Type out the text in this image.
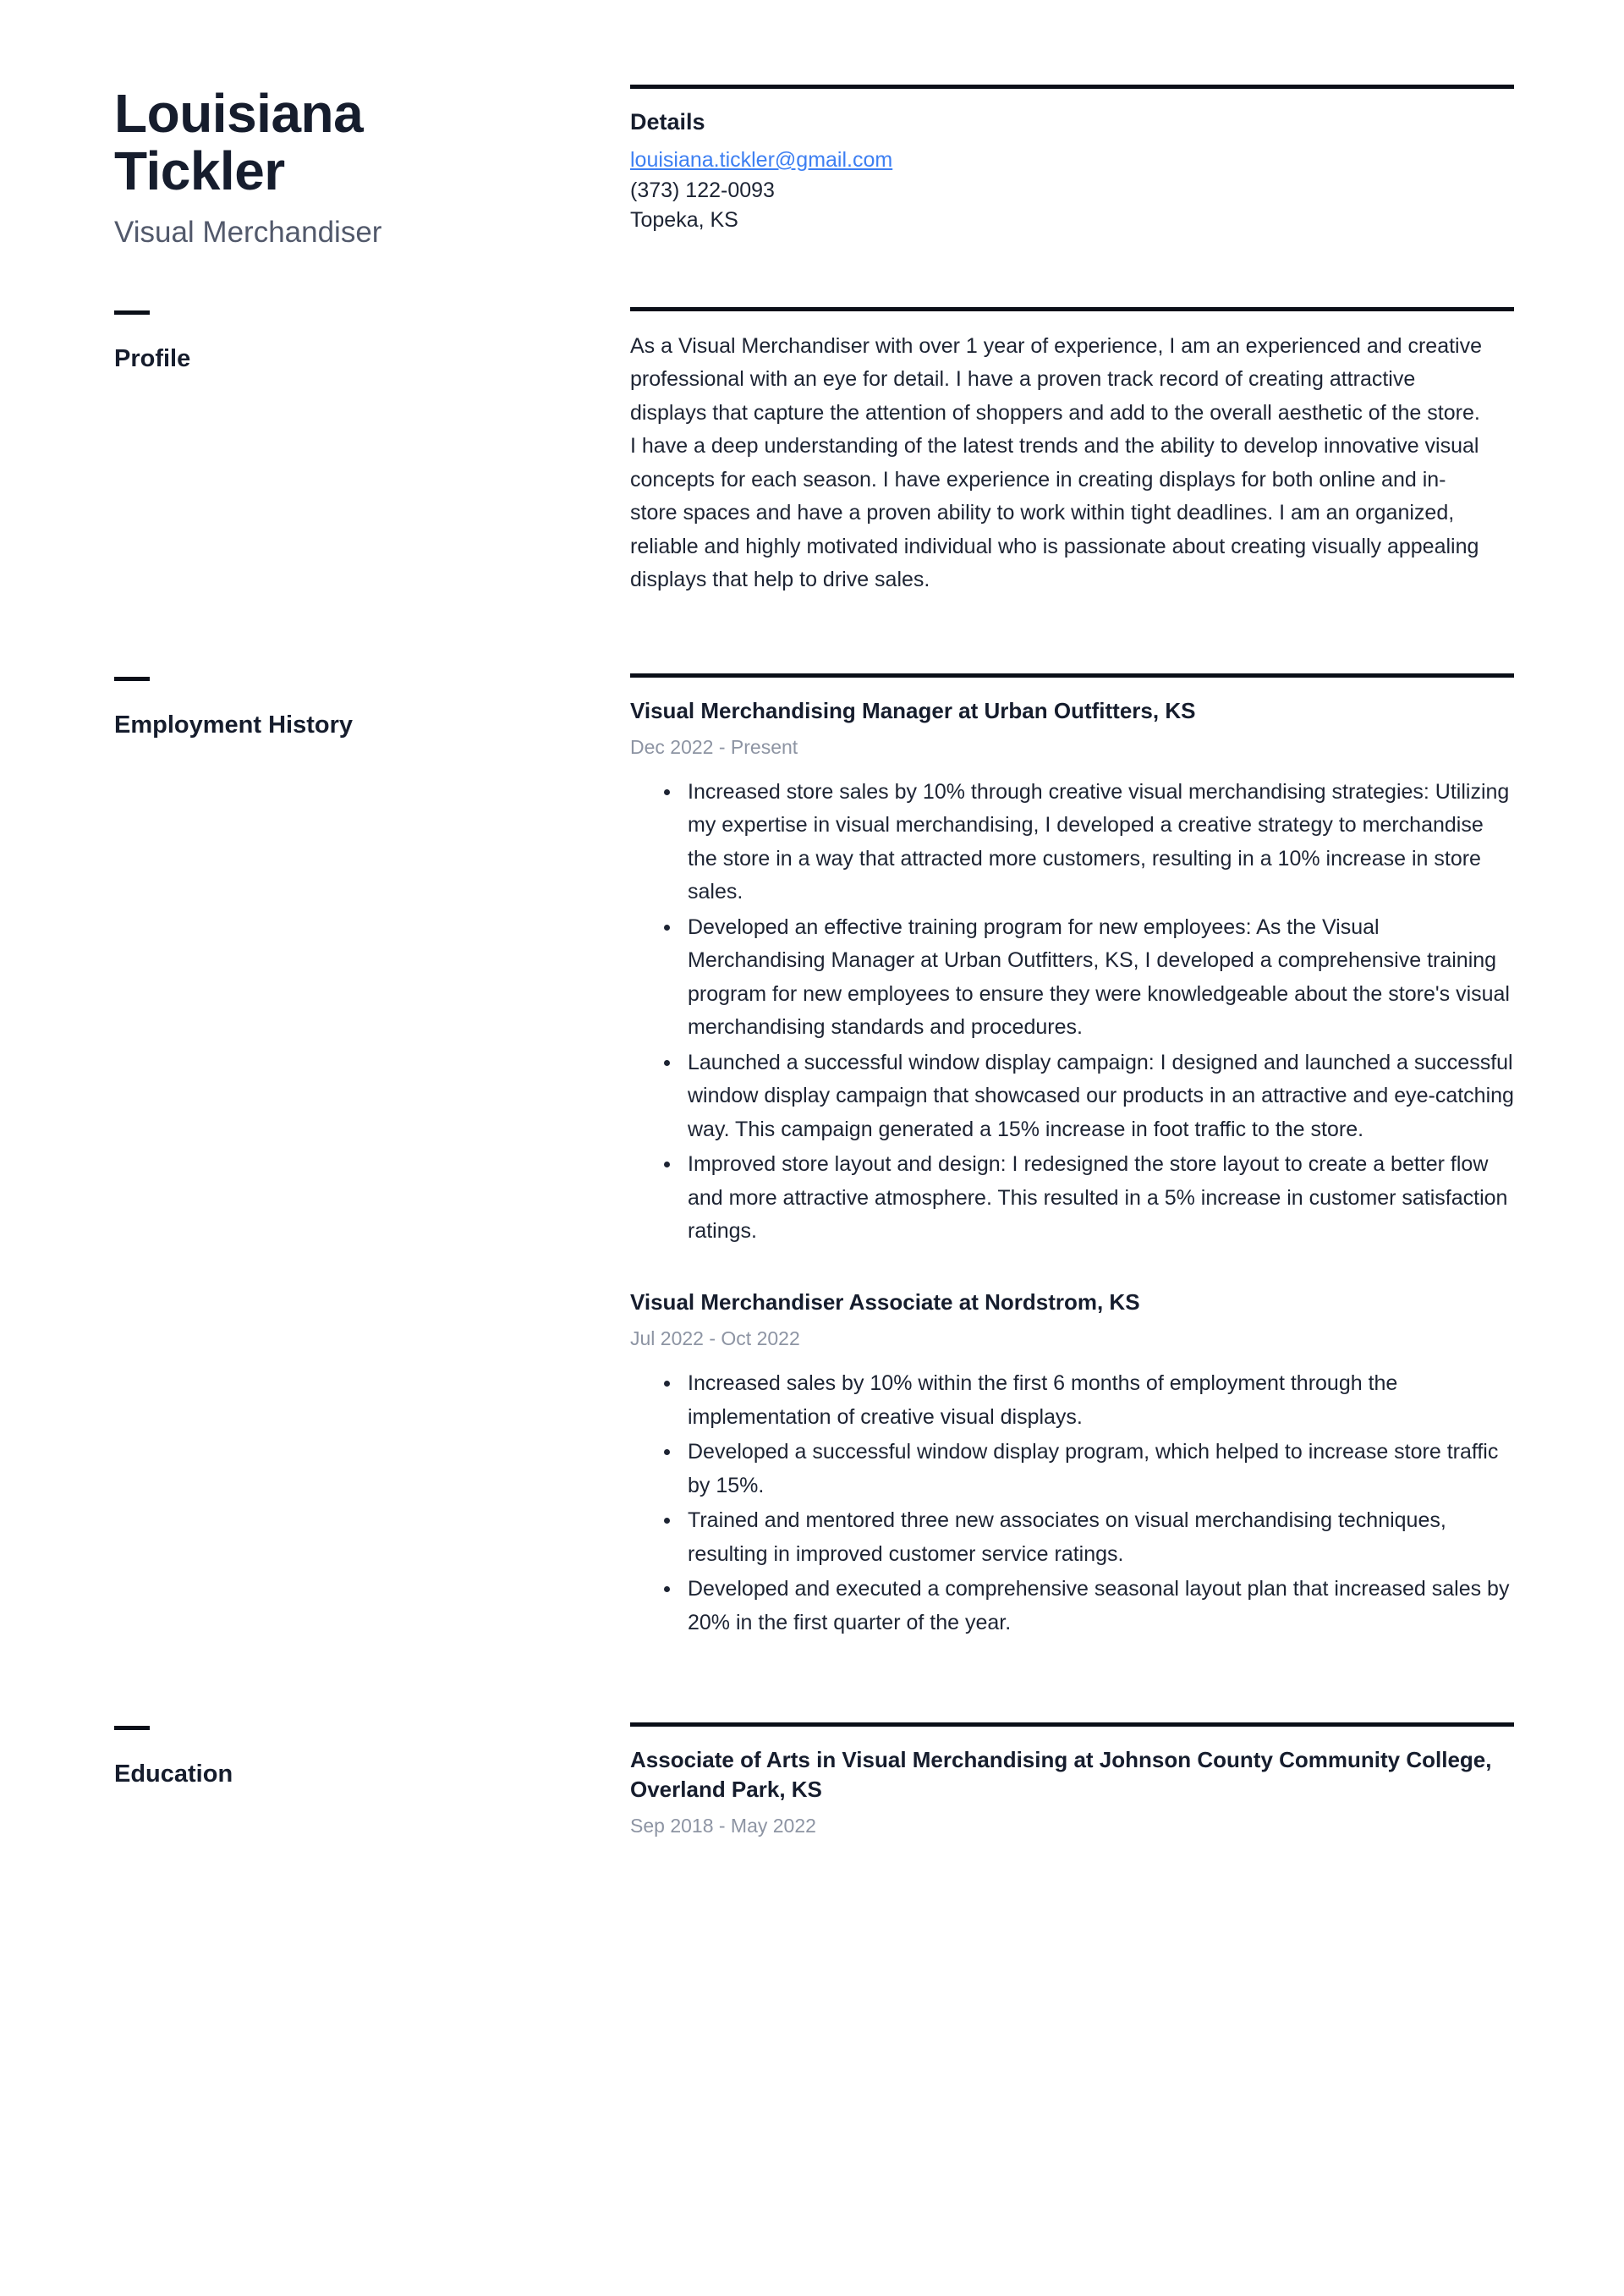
Louisiana Tickler
Visual Merchandiser
Details
louisiana.tickler@gmail.com
(373) 122-0093
Topeka, KS
Profile	As a Visual Merchandiser with over 1 year of experience, I am an experienced and creative professional with an eye for detail. I have a proven track record of creating attractive displays that capture the attention of shoppers and add to the overall aesthetic of the store. I have a deep understanding of the latest trends and the ability to develop innovative visual concepts for each season. I have experience in creating displays for both online and in-store spaces and have a proven ability to work within tight deadlines. I am an organized, reliable and highly motivated individual who is passionate about creating visually appealing displays that help to drive sales.

Employment History
Visual Merchandising Manager at Urban Outfitters, KS
Dec 2022 - Present
Increased store sales by 10% through creative visual merchandising strategies: Utilizing my expertise in visual merchandising, I developed a creative strategy to merchandise the store in a way that attracted more customers, resulting in a 10% increase in store sales.
Developed an effective training program for new employees: As the Visual Merchandising Manager at Urban Outfitters, KS, I developed a comprehensive training program for new employees to ensure they were knowledgeable about the store's visual merchandising standards and procedures.
Launched a successful window display campaign: I designed and launched a successful window display campaign that showcased our products in an attractive and eye-catching way. This campaign generated a 15% increase in foot traffic to the store.
Improved store layout and design: I redesigned the store layout to create a better flow and more attractive atmosphere. This resulted in a 5% increase in customer satisfaction ratings.
Visual Merchandiser Associate at Nordstrom, KS
Jul 2022 - Oct 2022
Increased sales by 10% within the first 6 months of employment through the implementation of creative visual displays.
Developed a successful window display program, which helped to increase store traffic by 15%.
Trained and mentored three new associates on visual merchandising techniques, resulting in improved customer service ratings.
Developed and executed a comprehensive seasonal layout plan that increased sales by 20% in the first quarter of the year.
Education
Associate of Arts in Visual Merchandising at Johnson County Community College, Overland Park, KS
Sep 2018 - May 2022
